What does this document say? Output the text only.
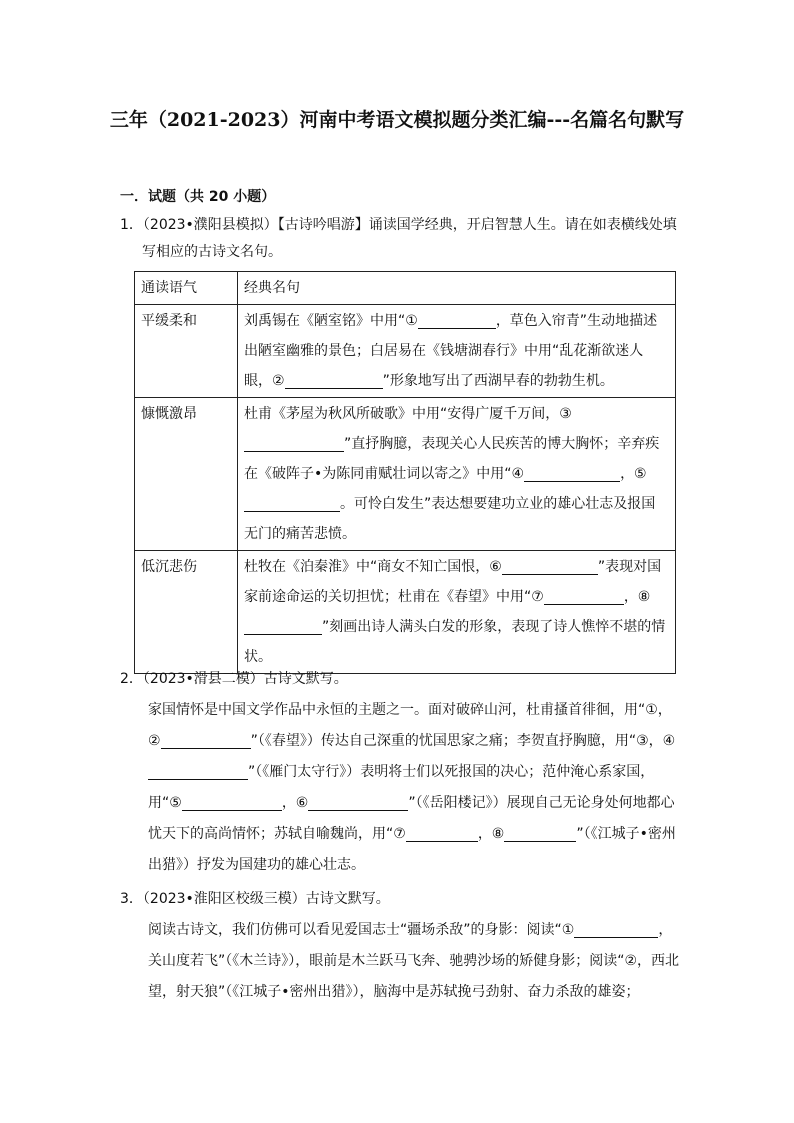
三年（2021-2023）河南中考语文模拟题分类汇编---名篇名句默写
一．试题（共 20 小题）
1．（2023•濮阳县模拟）【古诗吟唱游】诵读国学经典，开启智慧人生。请在如表横线处填
写相应的古诗文名句。
通读语气	经典名句
平缓柔和	刘禹锡在《陋室铭》中用“① ，草色入帘青”生动地描述出陋室幽雅的景色；白居易在《钱塘湖春行》中用“乱花渐欲迷人眼，② ”形象地写出了西湖早春的勃勃生机。
慷慨激昂	杜甫《茅屋为秋风所破歌》中用“安得广厦千万间，③”直抒胸臆，表现关心人民疾苦的博大胸怀；辛弃疾在《破阵子•为陈同甫赋壮词以寄之》中用“④ ，⑤。可怜白发生”表达想要建功立业的雄心壮志及报国无门的痛苦悲愤。
低沉悲伤	杜牧在《泊秦淮》中“商女不知亡国恨，⑥ ”表现对国家前途命运的关切担忧；杜甫在《春望》中用“⑦ ，⑧”刻画出诗人满头白发的形象，表现了诗人憔悴不堪的情状。
2．（2023•滑县二模）古诗文默写。
家国情怀是中国文学作品中永恒的主题之一。面对破碎山河，杜甫搔首徘徊，用“①，②	”（《春望》）传达自己深重的忧国思家之痛；李贺直抒胸臆，用“③，④”（《雁门太守行》）表明将士们以死报国的决心；范仲淹心系家国，用“⑤	，⑥	”（《岳阳楼记》）展现自己无论身处何地都心忧天下的高尚情怀；苏轼自喻魏尚，用“⑦	，⑧	”（《江城子•密州出猎》）抒发为国建功的雄心壮志。
3．（2023•淮阳区校级三模）古诗文默写。
阅读古诗文，我们仿佛可以看见爱国志士“疆场杀敌”的身影：阅读“①	，关山度若飞”（《木兰诗》），眼前是木兰跃马飞奔、驰骋沙场的矫健身影；阅读“②，西北望，射天狼”（《江城子•密州出猎》），脑海中是苏轼挽弓劲射、奋力杀敌的雄姿；
